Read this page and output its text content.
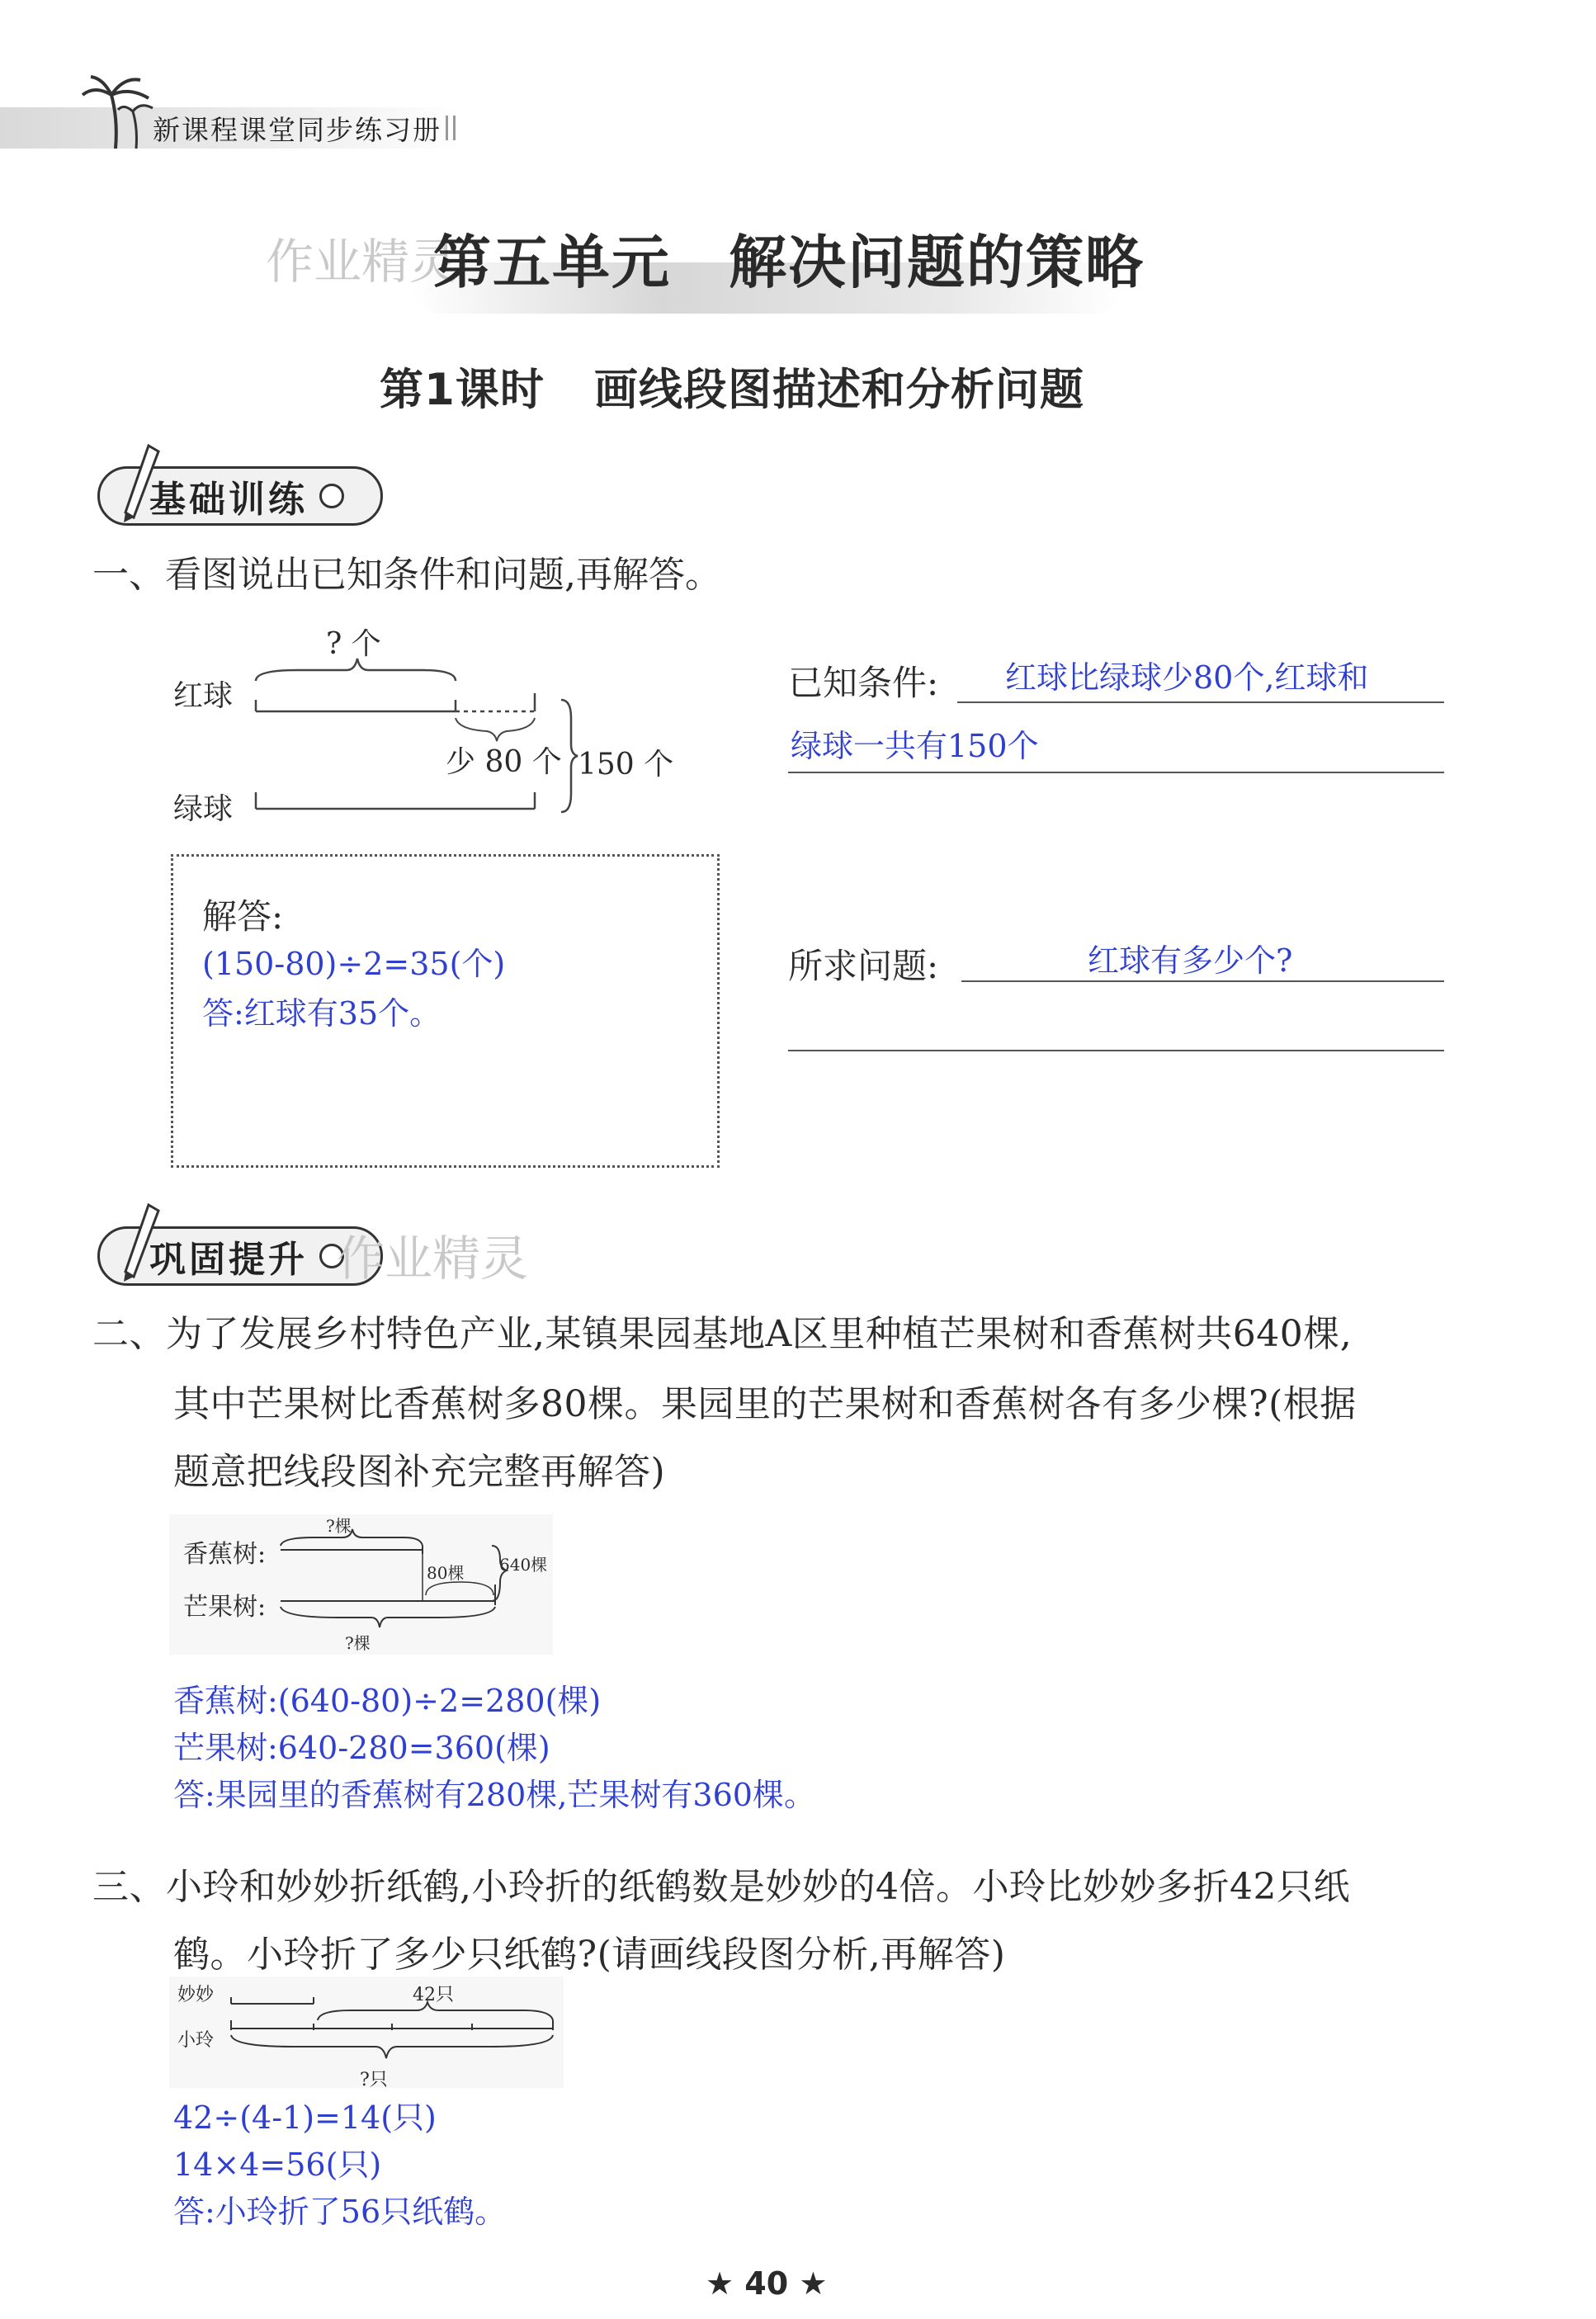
新课程课堂同步练习册
作业精灵
第五单元 解决问题的策略
第1课时 画线段图描述和分析问题
基础训练
一、看图说出已知条件和问题,再解答。
? 个
红球
少 80 个 150 个
绿球
已知条件: 红球比绿球少80个,红球和
绿球一共有150个
解答:
(150-80)÷2=35(个)
答:红球有35个。
所求问题:	红球有多少个?
巩固提升 作业精灵
二、为了发展乡村特色产业,某镇果园基地A区里种植芒果树和香蕉树共640棵,
其中芒果树比香蕉树多80棵。果园里的芒果树和香蕉树各有多少棵?(根据
题意把线段图补充完整再解答)
香蕉树:
芒果树:
?棵
80棵 640棵
?棵
香蕉树:(640-80)÷2=280(棵)
芒果树:640-280=360(棵)
答:果园里的香蕉树有280棵,芒果树有360棵。
三、小玲和妙妙折纸鹤,小玲折的纸鹤数是妙妙的4倍。小玲比妙妙多折42只纸
鹤。小玲折了多少只纸鹤?(请画线段图分析,再解答)
妙妙
小玲
42只
?只
42÷(4-1)=14(只)
14×4=56(只)
答:小玲折了56只纸鹤。
★ 40 ★
